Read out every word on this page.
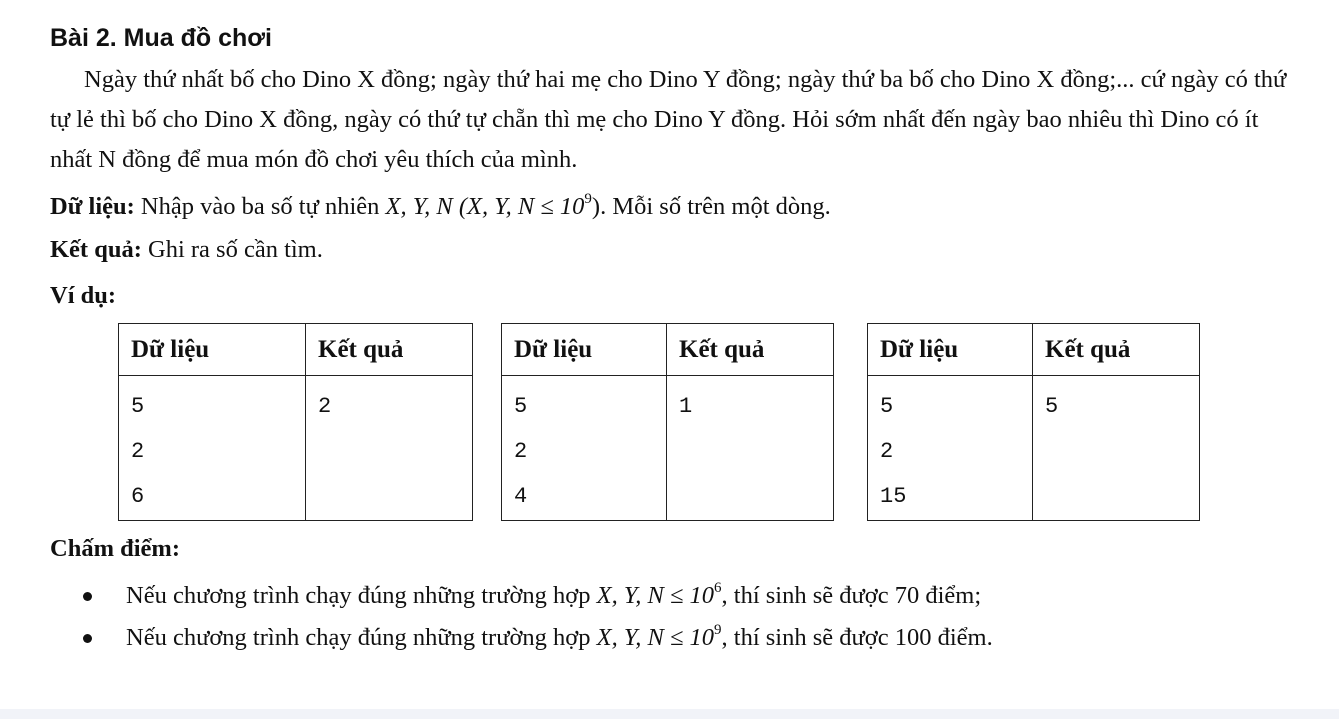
Bài 2. Mua đồ chơi

Ngày thứ nhất bố cho Dino X đồng; ngày thứ hai mẹ cho Dino Y đồng; ngày thứ ba bố cho Dino X đồng;... cứ ngày có thứ tự lẻ thì bố cho Dino X đồng, ngày có thứ tự chẵn thì mẹ cho Dino Y đồng. Hỏi sớm nhất đến ngày bao nhiêu thì Dino có ít nhất N đồng để mua món đồ chơi yêu thích của mình.

Dữ liệu: Nhập vào ba số tự nhiên X, Y, N (X, Y, $N \le 10^9$). Mỗi số trên một dòng.

Kết quả: Ghi ra số cần tìm.

Ví dụ:

Dữ liệu	Kết quả

5
2
6	2
Dữ liệu	Kết quả

5
2
4	1
Dữ liệu	Kết quả

5
2
15	5

Chấm điểm:

Nếu chương trình chạy đúng những trường hợp X, Y, $N \le 10^6$, thí sinh sẽ được 70 điểm;
Nếu chương trình chạy đúng những trường hợp X, Y, $N \le 10^9$, thí sinh sẽ được 100 điểm.
